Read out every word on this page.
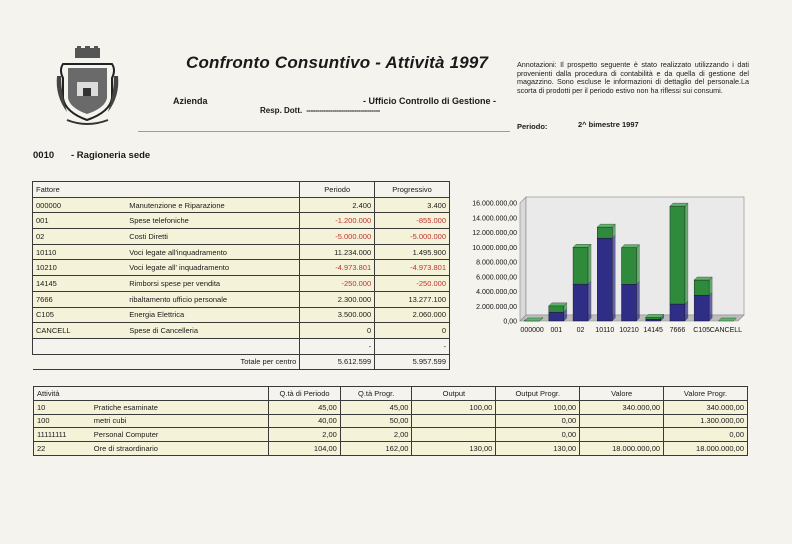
Confronto Consuntivo - Attività 1997
Azienda	- Ufficio Controllo di Gestione -
Resp. Dott. ----------------------------------
Annotazioni: Il prospetto seguente è stato realizzato utilizzando i dati provenienti dalla procedura di contabilità e da quella di gestione del magazzino. Sono escluse le informazioni di dettaglio del personale.La scorta di prodotti per il periodo estivo non ha riflessi sui consumi.
Periodo:	2^ bimestre 1997
0010 - Ragioneria sede
Fattore		Periodo	Progressivo
000000	Manutenzione e Riparazione	2.400	3.400
001	Spese telefoniche	-1.200.000	-855.000
02	Costi Diretti	-5.000.000	-5.000.000
10110	Voci legate all'inquadramento	11.234.000	1.495.900
10210	Voci legate all' inquadramento	-4.973.801	-4.973.801
14145	Rimborsi spese per vendita	-250.000	-250.000
7666	ribaltamento ufficio personale	2.300.000	13.277.100
C105	Energia Elettrica	3.500.000	2.060.000
CANCELL	Spese di Cancelleria	0	0
		-	-
Totale per centro		5.612.599	5.957.599
0,00
2.000.000,00
4.000.000,00
6.000.000,00
8.000.000,00
10.000.000,00
12.000.000,00
14.000.000,00
16.000.000,00
000000 001 02 10110 10210 14145 7666 C105 CANCELL
Attività		Q.tà di Periodo	Q.tà Progr.	Output	Output Progr.	Valore	Valore Progr.
10	Pratiche esaminate	45,00	45,00	100,00	100,00	340.000,00	340.000,00
100	metri cubi	40,00	50,00		0,00		1.300.000,00
11111111	Personal Computer	2,00	2,00		0,00		0,00
22	Ore di straordinario	104,00	162,00	130,00	130,00	18.000.000,00	18.000.000,00
